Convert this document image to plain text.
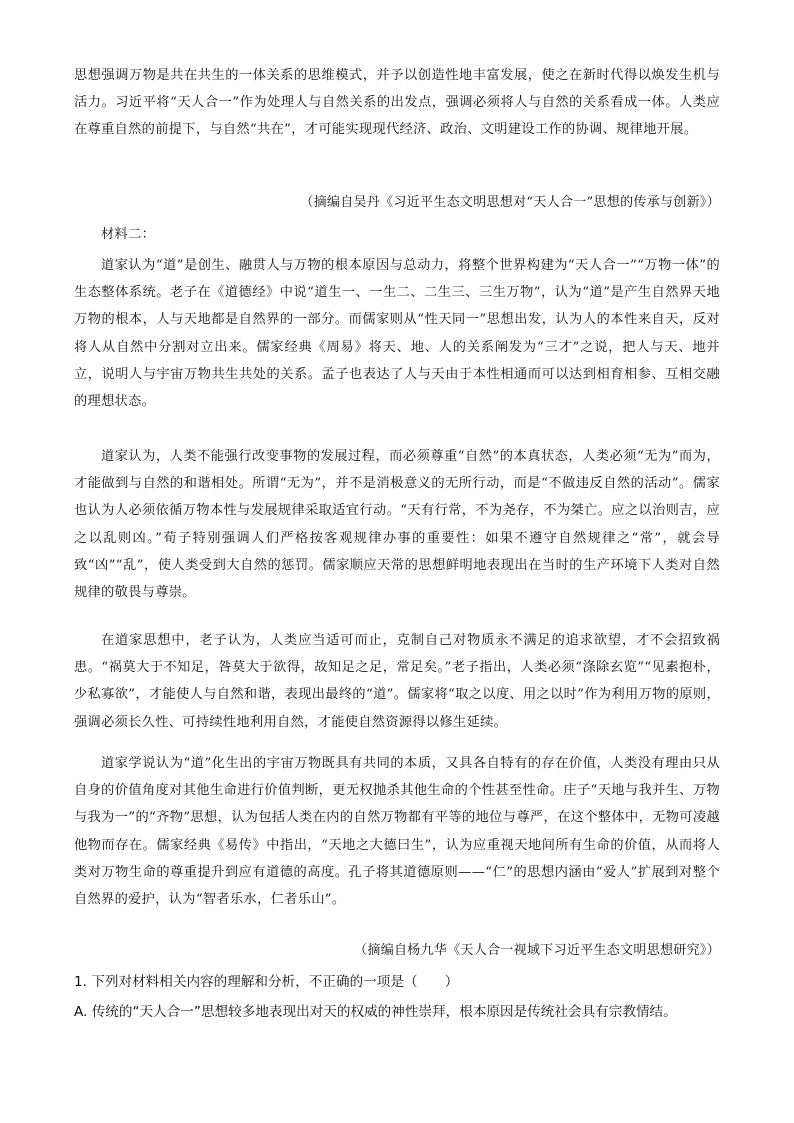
思想强调万物是共在共生的一体关系的思维模式，并予以创造性地丰富发展，使之在新时代得以焕发生机与活力。习近平将“天人合一”作为处理人与自然关系的出发点，强调必须将人与自然的关系看成一体。人类应在尊重自然的前提下，与自然“共在”，才可能实现现代经济、政治、文明建设工作的协调、规律地开展。

（摘编自吴丹《习近平生态文明思想对“天人合一”思想的传承与创新》）

材料二：

道家认为“道”是创生、融贯人与万物的根本原因与总动力，将整个世界构建为“天人合一”“万物一体”的生态整体系统。老子在《道德经》中说“道生一、一生二、二生三、三生万物”，认为“道”是产生自然界天地万物的根本，人与天地都是自然界的一部分。而儒家则从“性天同一”思想出发，认为人的本性来自天，反对将人从自然中分割对立出来。儒家经典《周易》将天、地、人的关系阐发为“三才”之说，把人与天、地并立，说明人与宇宙万物共生共处的关系。孟子也表达了人与天由于本性相通而可以达到相育相参、互相交融的理想状态。

道家认为，人类不能强行改变事物的发展过程，而必须尊重“自然”的本真状态，人类必须“无为”而为，才能做到与自然的和谐相处。所谓“无为”，并不是消极意义的无所行动，而是“不做违反自然的活动”。儒家也认为人必须依循万物本性与发展规律采取适宜行动。“天有行常，不为尧存，不为桀亡。应之以治则吉，应之以乱则凶。”荀子特别强调人们严格按客观规律办事的重要性：如果不遵守自然规律之“常”，就会导致“凶”“乱”，使人类受到大自然的惩罚。儒家顺应天常的思想鲜明地表现出在当时的生产环境下人类对自然规律的敬畏与尊崇。

在道家思想中，老子认为，人类应当适可而止，克制自己对物质永不满足的追求欲望，才不会招致祸患。“祸莫大于不知足，咎莫大于欲得，故知足之足，常足矣。”老子指出，人类必须“涤除玄览”“见素抱朴，少私寡欲”，才能使人与自然和谐，表现出最终的“道”。儒家将“取之以度、用之以时”作为利用万物的原则，强调必须长久性、可持续性地利用自然，才能使自然资源得以修生延续。

道家学说认为“道”化生出的宇宙万物既具有共同的本质，又具各自特有的存在价值，人类没有理由只从自身的价值角度对其他生命进行价值判断，更无权抛杀其他生命的个性甚至性命。庄子“天地与我并生、万物与我为一”的“齐物”思想，认为包括人类在内的自然万物都有平等的地位与尊严，在这个整体中，无物可凌越他物而存在。儒家经典《易传》中指出，“天地之大德曰生”，认为应重视天地间所有生命的价值，从而将人类对万物生命的尊重提升到应有道德的高度。孔子将其道德原则——“仁”的思想内涵由“爱人”扩展到对整个自然界的爱护，认为“智者乐水，仁者乐山”。

（摘编自杨九华《天人合一视域下习近平生态文明思想研究》）

1. 下列对材料相关内容的理解和分析，不正确的一项是（　　）

A. 传统的“天人合一”思想较多地表现出对天的权威的神性崇拜，根本原因是传统社会具有宗教情结。
